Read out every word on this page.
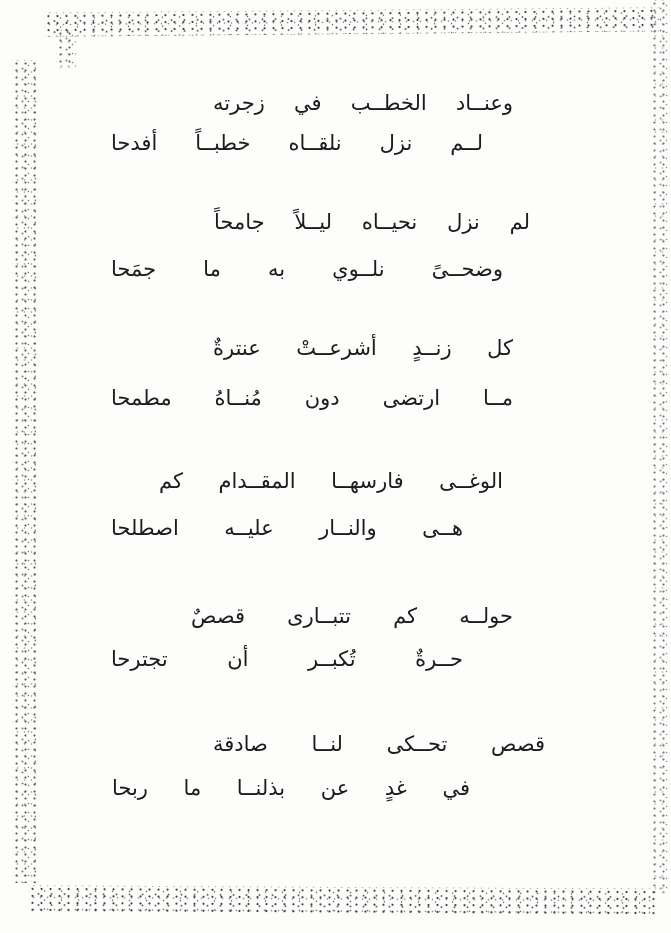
وعنــاد الخطــب في زجرته
لــم نزل نلقــاه خطبــاً أفدحا
لم نزل نحيــاه ليــلاً جامحاً
وضحــىً نلــوي به ما جمَحا
كل زنــدٍ أشرعــتْ عنترةٌ
مــا ارتضى دون مُنــاهُ مطمحا
الوغــى فارسهــا المقــدام كم
هــى والنــار عليــه اصطلحا
حولــه كم تتبــارى قصصٌ
حــرةٌ تُكبــر أن تجترحا
قصص تحــكى لنــا صادقة
في غدٍ عن بذلنــا ما ربحا
